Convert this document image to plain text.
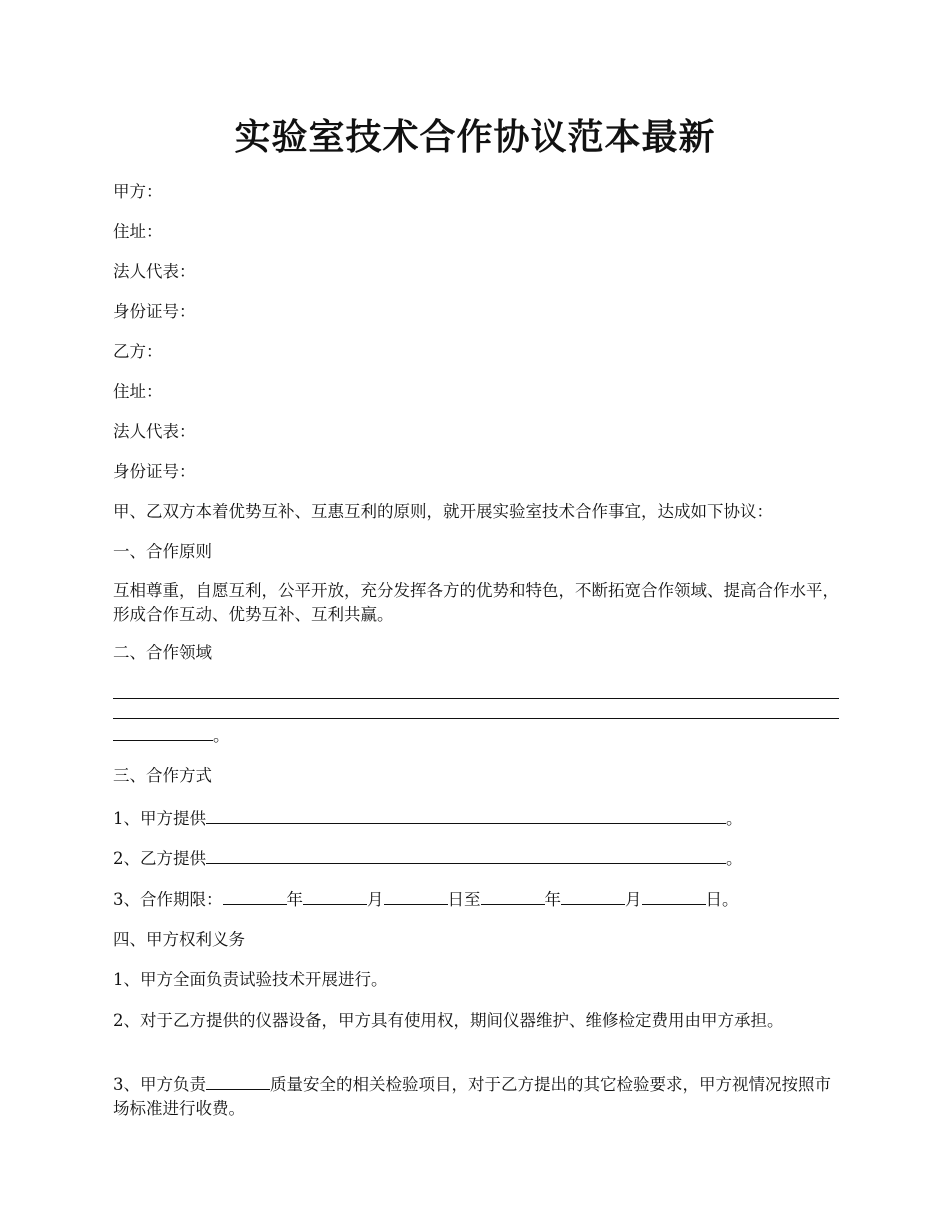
实验室技术合作协议范本最新
甲方：
住址：
法人代表：
身份证号：
乙方：
住址：
法人代表：
身份证号：
甲、乙双方本着优势互补、互惠互利的原则，就开展实验室技术合作事宜，达成如下协议：
一、合作原则
互相尊重，自愿互利，公平开放，充分发挥各方的优势和特色，不断拓宽合作领域、提高合作水平，形成合作互动、优势互补、互利共赢。
二、合作领域
。
三、合作方式
1、甲方提供	。
2、乙方提供	。
3、合作期限：	年	月	日至	年	月	日。
四、甲方权利义务
1、甲方全面负责试验技术开展进行。
2、对于乙方提供的仪器设备，甲方具有使用权，期间仪器维护、维修检定费用由甲方承担。
3、甲方负责	质量安全的相关检验项目，对于乙方提出的其它检验要求，甲方视情况按照市场标准进行收费。
